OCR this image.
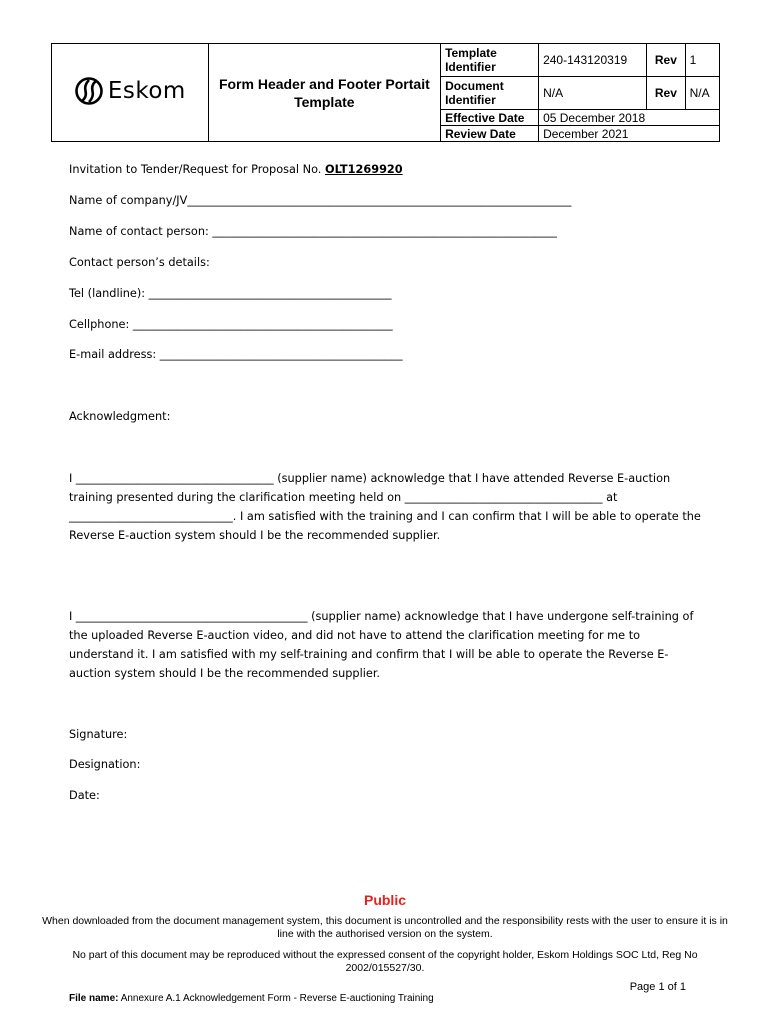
Eskom	Form Header and Footer Portait Template	Template Identifier	240-143120319	Rev	1
		Document Identifier	N/A	Rev	N/A
		Effective Date	05 December 2018		
		Review Date	December 2021		
Invitation to Tender/Request for Proposal No. OLT1269920
Name of company/JV____________________________________________________________________
Name of contact person: _____________________________________________________________
Contact person’s details:
Tel (landline): ___________________________________________
Cellphone: ______________________________________________
E-mail address: ___________________________________________
Acknowledgment:
I ___________________________________ (supplier name) acknowledge that I have attended Reverse E-auction training presented during the clarification meeting held on ___________________________________ at _____________________________. I am satisfied with the training and I can confirm that I will be able to operate the Reverse E-auction system should I be the recommended supplier.
I _________________________________________ (supplier name) acknowledge that I have undergone self-training of the uploaded Reverse E-auction video, and did not have to attend the clarification meeting for me to understand it. I am satisfied with my self-training and confirm that I will be able to operate the Reverse E-auction system should I be the recommended supplier.
Signature:
Designation:
Date:
Public
When downloaded from the document management system, this document is uncontrolled and the responsibility rests with the user to ensure it is in line with the authorised version on the system.
No part of this document may be reproduced without the expressed consent of the copyright holder, Eskom Holdings SOC Ltd, Reg No 2002/015527/30.
Page 1 of 1
File name: Annexure A.1 Acknowledgement Form - Reverse E-auctioning Training
